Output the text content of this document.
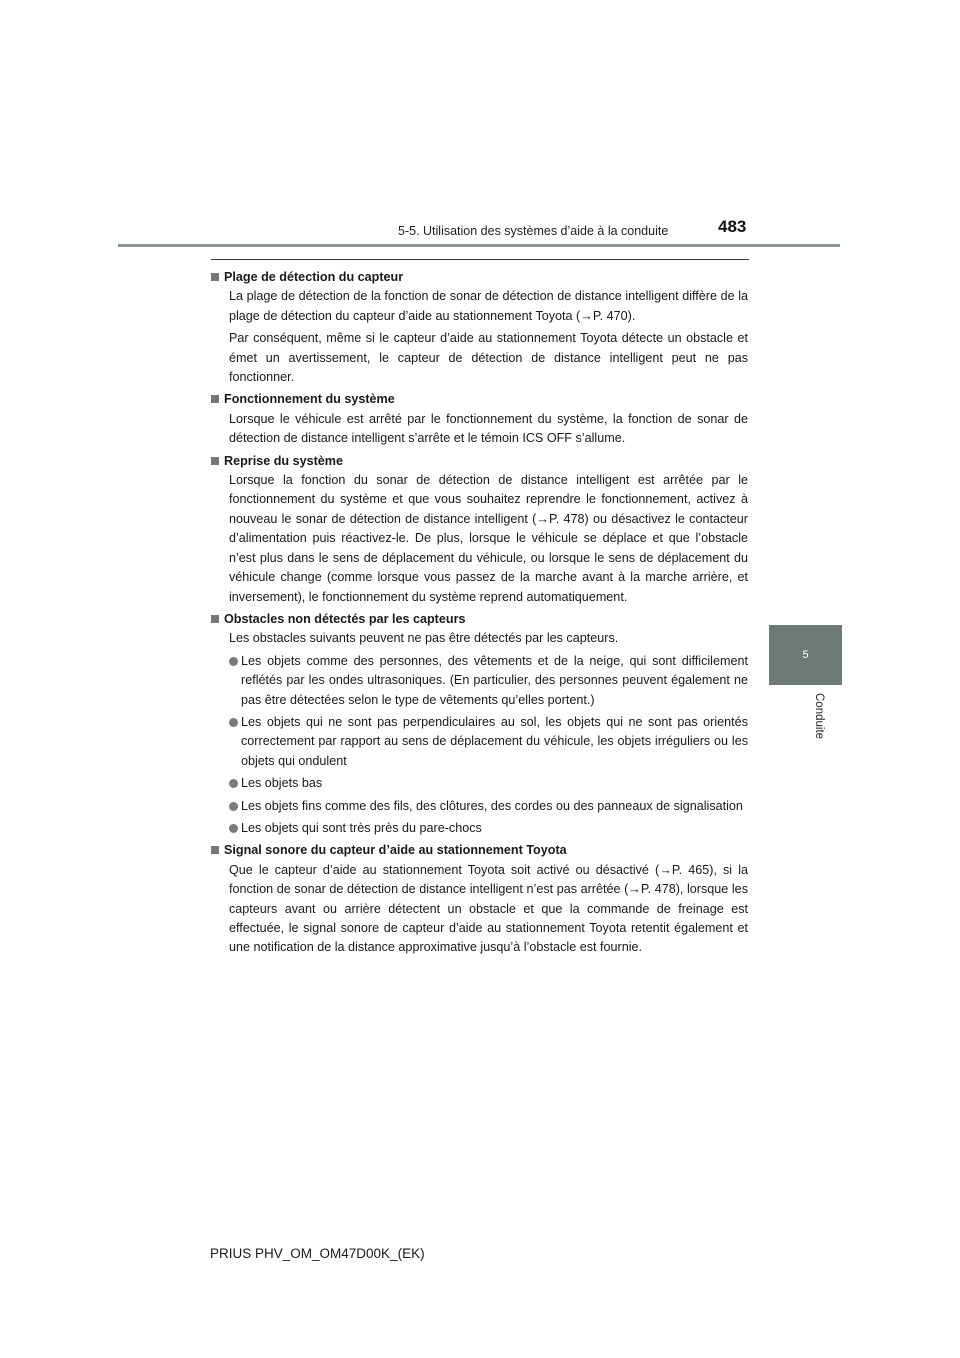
5-5. Utilisation des systèmes d’aide à la conduite	483
5
Conduite
Plage de détection du capteur

La plage de détection de la fonction de sonar de détection de distance intelligent diffère de la plage de détection du capteur d’aide au stationnement Toyota (→P. 470).

Par conséquent, même si le capteur d’aide au stationnement Toyota détecte un obstacle et émet un avertissement, le capteur de détection de distance intelligent peut ne pas fonctionner.

Fonctionnement du système

Lorsque le véhicule est arrêté par le fonctionnement du système, la fonction de sonar de détection de distance intelligent s’arrête et le témoin ICS OFF s’allume.

Reprise du système

Lorsque la fonction du sonar de détection de distance intelligent est arrêtée par le fonctionnement du système et que vous souhaitez reprendre le fonctionnement, activez à nouveau le sonar de détection de distance intelligent (→P. 478) ou désactivez le contacteur d’alimentation puis réactivez-le. De plus, lorsque le véhicule se déplace et que l’obstacle n’est plus dans le sens de déplacement du véhicule, ou lorsque le sens de déplacement du véhicule change (comme lorsque vous passez de la marche avant à la marche arrière, et inversement), le fonctionnement du système reprend automatiquement.

Obstacles non détectés par les capteurs

Les obstacles suivants peuvent ne pas être détectés par les capteurs.

Les objets comme des personnes, des vêtements et de la neige, qui sont difficilement reflétés par les ondes ultrasoniques. (En particulier, des personnes peuvent également ne pas être détectées selon le type de vêtements qu’elles portent.)
Les objets qui ne sont pas perpendiculaires au sol, les objets qui ne sont pas orientés correctement par rapport au sens de déplacement du véhicule, les objets irréguliers ou les objets qui ondulent
Les objets bas
Les objets fins comme des fils, des clôtures, des cordes ou des panneaux de signalisation
Les objets qui sont très près du pare-chocs
Signal sonore du capteur d’aide au stationnement Toyota

Que le capteur d’aide au stationnement Toyota soit activé ou désactivé (→P. 465), si la fonction de sonar de détection de distance intelligent n’est pas arrêtée (→P. 478), lorsque les capteurs avant ou arrière détectent un obstacle et que la commande de freinage est effectuée, le signal sonore de capteur d’aide au stationnement Toyota retentit également et une notification de la distance approximative jusqu’à l’obstacle est fournie.

PRIUS PHV_OM_OM47D00K_(EK)
